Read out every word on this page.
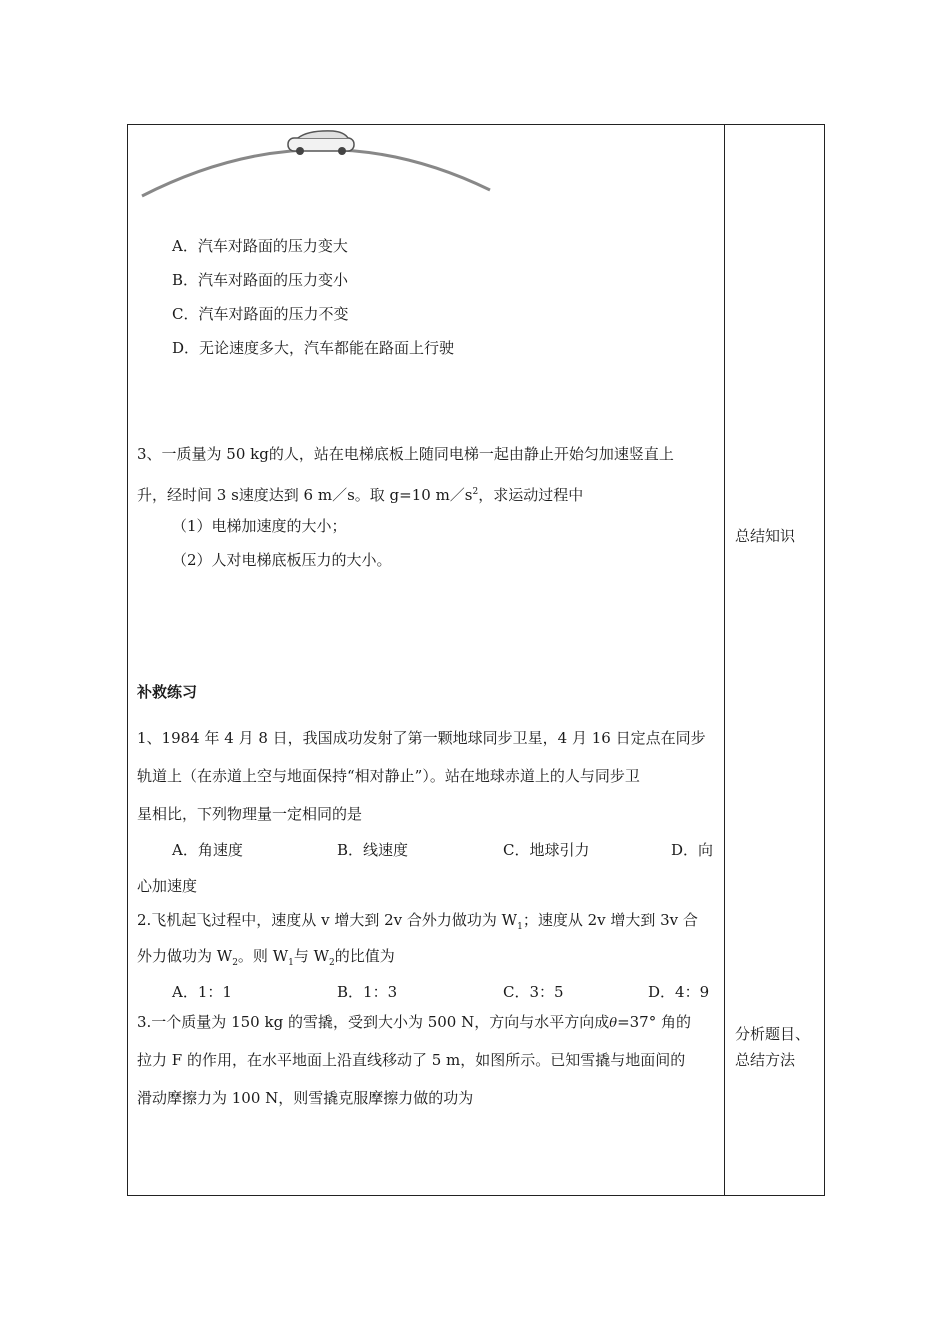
A．汽车对路面的压力变大
B．汽车对路面的压力变小
C．汽车对路面的压力不变
D．无论速度多大，汽车都能在路面上行驶
3、一质量为 50 kg的人，站在电梯底板上随同电梯一起由静止开始匀加速竖直上
升，经时间 3 s速度达到 6 m／s。取 g=10 $m/s^2$，求运动过程中
（1）电梯加速度的大小；
（2）人对电梯底板压力的大小。
补救练习
1、1984 年 4 月 8 日，我国成功发射了第一颗地球同步卫星，4 月 16 日定点在同步
轨道上（在赤道上空与地面保持“相对静止”）。站在地球赤道上的人与同步卫
星相比，下列物理量一定相同的是
A．角速度	B．线速度	C．地球引力	D．向
心加速度
2.飞机起飞过程中，速度从 v 增大到 2v 合外力做功为 $W_1$；速度从 2v 增大到 3v 合
外力做功为 $W_2$。则 $W_1$与 $W_2$的比值为
A．1：1	B．1：3	C．3：5	D．4：9
3.一个质量为 150 kg 的雪撬，受到大小为 500 N，方向与水平方向成θ=37° 角的
拉力 F 的作用，在水平地面上沿直线移动了 5 m，如图所示。已知雪撬与地面间的
滑动摩擦力为 100 N，则雪撬克服摩擦力做的功为
总结知识
分析题目、
总结方法
